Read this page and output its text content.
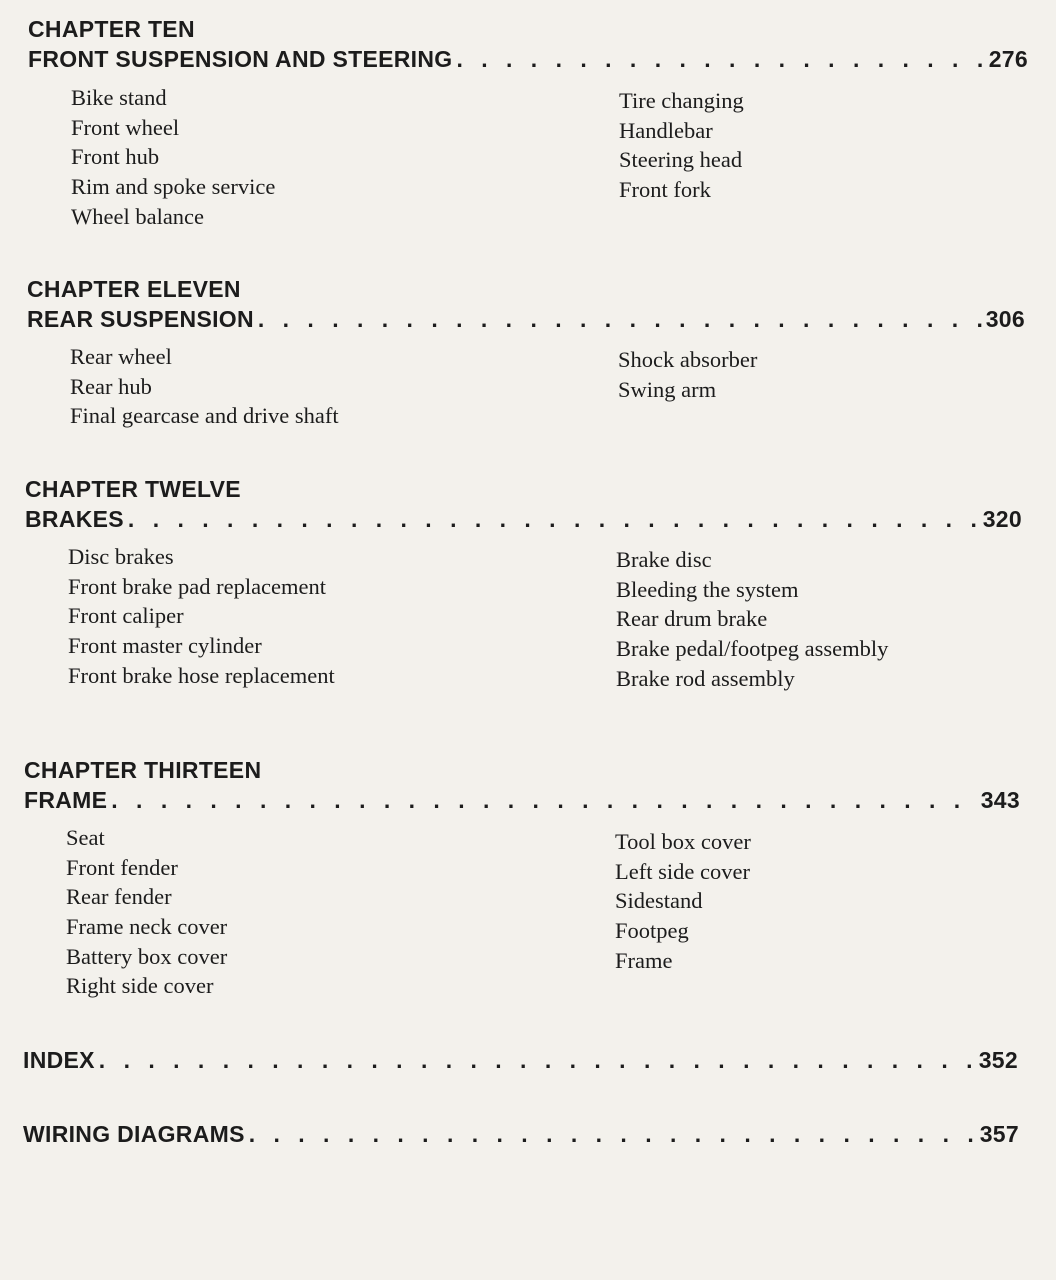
CHAPTER TEN
FRONT SUSPENSION AND STEERING . . .	276
Bike stand
Front wheel
Front hub
Rim and spoke service
Wheel balance
Tire changing
Handlebar
Steering head
Front fork
CHAPTER ELEVEN
REAR SUSPENSION . . .	306
Rear wheel
Rear hub
Final gearcase and drive shaft
Shock absorber
Swing arm
CHAPTER TWELVE
BRAKES . . .	320
Disc brakes
Front brake pad replacement
Front caliper
Front master cylinder
Front brake hose replacement
Brake disc
Bleeding the system
Rear drum brake
Brake pedal/footpeg assembly
Brake rod assembly
CHAPTER THIRTEEN
FRAME . . .	343
Seat
Front fender
Rear fender
Frame neck cover
Battery box cover
Right side cover
Tool box cover
Left side cover
Sidestand
Footpeg
Frame
INDEX . . .	352
WIRING DIAGRAMS . . .	357
